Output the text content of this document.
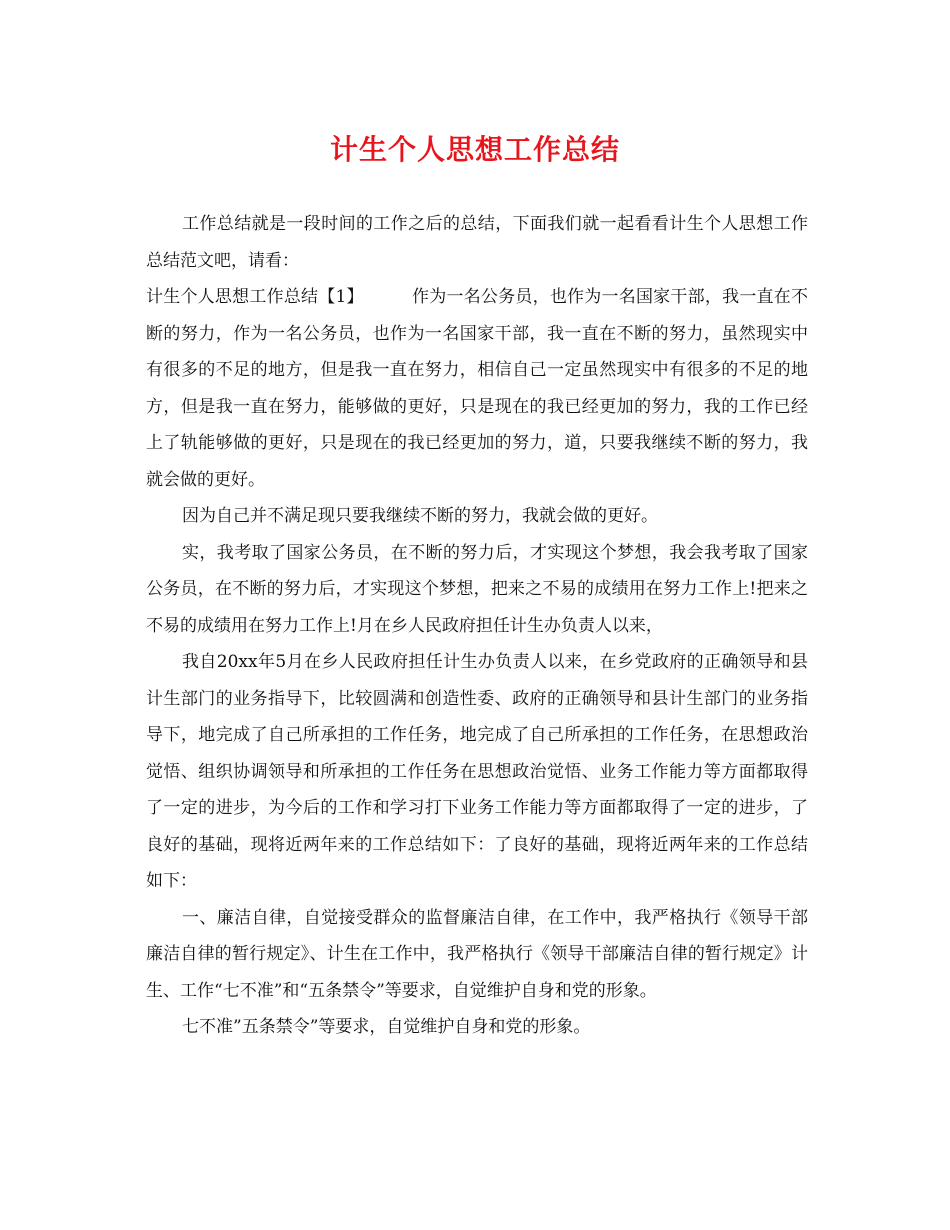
计生个人思想工作总结

工作总结就是一段时间的工作之后的总结，下面我们就一起看看计生个人思想工作总结范文吧，请看：

计生个人思想工作总结【1】	作为一名公务员，也作为一名国家干部，我一直在不断的努力，作为一名公务员，也作为一名国家干部，我一直在不断的努力，虽然现实中有很多的不足的地方，但是我一直在努力，相信自己一定虽然现实中有很多的不足的地方，但是我一直在努力，能够做的更好，只是现在的我已经更加的努力，我的工作已经上了轨能够做的更好，只是现在的我已经更加的努力，道，只要我继续不断的努力，我就会做的更好。

因为自己并不满足现只要我继续不断的努力，我就会做的更好。

实，我考取了国家公务员，在不断的努力后，才实现这个梦想，我会我考取了国家公务员，在不断的努力后，才实现这个梦想，把来之不易的成绩用在努力工作上!把来之不易的成绩用在努力工作上!月在乡人民政府担任计生办负责人以来，

我自20xx年5月在乡人民政府担任计生办负责人以来，在乡党政府的正确领导和县计生部门的业务指导下，比较圆满和创造性委、政府的正确领导和县计生部门的业务指导下，地完成了自己所承担的工作任务，地完成了自己所承担的工作任务，在思想政治觉悟、组织协调领导和所承担的工作任务在思想政治觉悟、业务工作能力等方面都取得了一定的进步，为今后的工作和学习打下业务工作能力等方面都取得了一定的进步，了良好的基础，现将近两年来的工作总结如下：了良好的基础，现将近两年来的工作总结如下：

一、廉洁自律，自觉接受群众的监督廉洁自律，在工作中，我严格执行《领导干部廉洁自律的暂行规定》、计生在工作中，我严格执行《领导干部廉洁自律的暂行规定》计生、工作“七不准”和“五条禁令”等要求，自觉维护自身和党的形象。

七不准”五条禁令”等要求，自觉维护自身和党的形象。
